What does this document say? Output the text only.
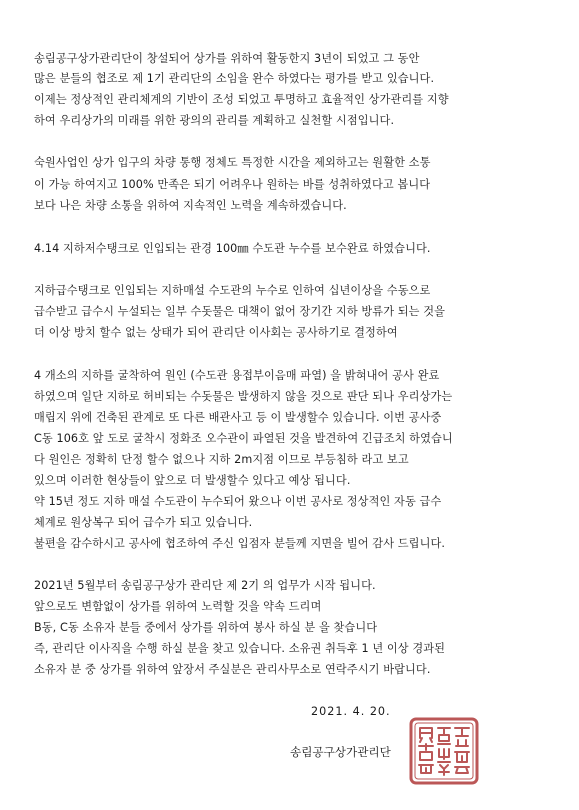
송림공구상가관리단이 창설되어 상가를 위하여 활동한지 3년이 되었고 그 동안
많은 분들의 협조로 제 1기 관리단의 소임을 완수 하였다는 평가를 받고 있습니다.
이제는 정상적인 관리체계의 기반이 조성 되었고 투명하고 효율적인 상가관리를 지향
하여 우리상가의 미래를 위한 광의의 관리를 계획하고 실천할 시점입니다.
숙원사업인 상가 입구의 차량 통행 정체도 특정한 시간을 제외하고는 원활한 소통
이 가능 하여지고 100% 만족은 되기 어려우나 원하는 바를 성취하였다고 봅니다
보다 나은 차량 소통을 위하여 지속적인 노력을 계속하겠습니다.
4.14 지하저수탱크로 인입되는 관경 100㎜ 수도관 누수를 보수완료 하였습니다.
지하급수탱크로 인입되는 지하매설 수도관의 누수로 인하여 십년이상을 수동으로
급수받고 급수시 누설되는 일부 수돗물은 대책이 없어 장기간 지하 방류가 되는 것을
더 이상 방치 할수 없는 상태가 되어 관리단 이사회는 공사하기로 결정하여
4 개소의 지하를 굴착하여 원인 (수도관 용접부이음매 파열) 을 밝혀내어 공사 완료
하였으며 일단 지하로 허비되는 수돗물은 발생하지 않을 것으로 판단 되나 우리상가는
매립지 위에 건축된 관계로 또 다른 배관사고 등 이 발생할수 있습니다. 이번 공사중
C동 106호 앞 도로 굴착시 정화조 오수관이 파열된 것을 발견하여 긴급조치 하였습니
다 원인은 정확히 단정 할수 없으나 지하 2m지점 이므로 부등침하 라고 보고
있으며 이러한 현상들이 앞으로 더 발생할수 있다고 예상 됩니다.
약 15년 정도 지하 매설 수도관이 누수되어 왔으나 이번 공사로 정상적인 자동 급수
체계로 원상복구 되어 급수가 되고 있습니다.
불편을 감수하시고 공사에 협조하여 주신 입점자 분들께 지면을 빌어 감사 드립니다.
2021년 5월부터 송림공구상가 관리단 제 2기 의 업무가 시작 됩니다.
앞으로도 변함없이 상가를 위하여 노력할 것을 약속 드리며
B동, C동 소유자 분들 중에서 상가를 위하여 봉사 하실 분 을 찾습니다
즉, 관리단 이사직을 수행 하실 분을 찾고 있습니다. 소유권 취득후 1 년 이상 경과된
소유자 분 중 상가를 위하여 앞장서 주실분은 관리사무소로 연락주시기 바랍니다.
2021. 4. 20.
송림공구상가관리단
